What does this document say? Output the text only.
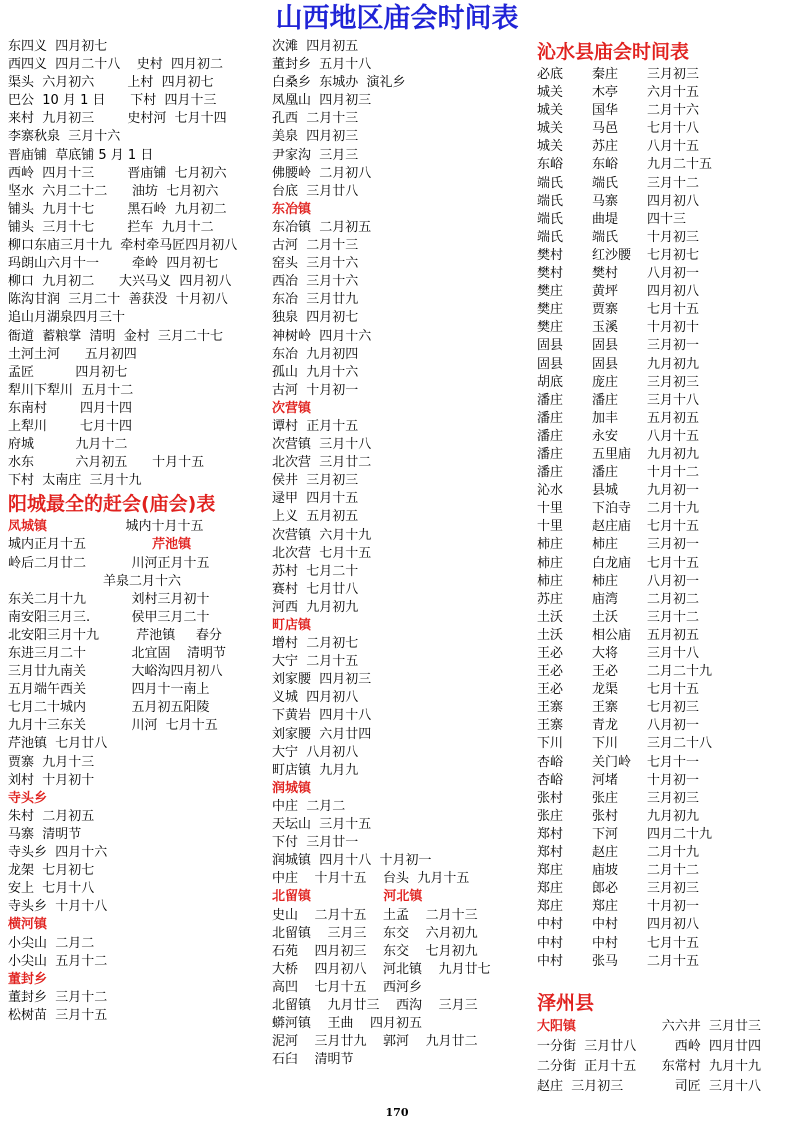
山西地区庙会时间表
东四义  四月初七
西四义  四月二十八    史村  四月初二
渠头  六月初六        上村  四月初七
巴公  10 月 1 日      下村  四月十三
来村  九月初三        史村河  七月十四
李寨秋泉  三月十六
晋庙铺  草底铺 5 月 1 日
西岭  四月十三        晋庙铺  七月初六
坚水  六月二十二      油坊  七月初六
铺头  九月十七        黑石岭  九月初二
铺头  三月十七        拦车  九月十二
柳口东庙三月十九  牵村牵马匠四月初八
玛朗山六月十一        牵岭  四月初七
柳口  九月初二      大兴马义  四月初八
陈沟甘润  三月二十  善获没  十月初八
追山月湖泉四月三十
衙道  蓄粮掌  清明  金村  三月二十七
土河土河      五月初四
孟匠          四月初七
犁川下犁川  五月十二
东南村        四月十四
上犁川        七月十四
府城          九月十二
水东          六月初五      十月十五
下村  太南庄  三月十九
阳城最全的赶会(庙会)表
凤城镇                   城内十月十五
城内正月十五                芹池镇
岭后二月廿二           川河正月十五
羊泉二月十六
东关二月十九           刘村三月初十
南安阳三月三.          侯甲三月二十
北安阳三月十九         芹池镇     春分
东进三月二十           北宜固    清明节
三月廿九南关           大峪沟四月初八
五月端午西关           四月十一南上
七月二十城内           五月初五阳陵
九月十三东关           川河  七月十五
芹池镇  七月廿八
贾寨  九月十三
刘村  十月初十
寺头乡
朱村  二月初五
马寨  清明节
寺头乡  四月十六
龙架  七月初七
安上  七月十八
寺头乡  十月十八
横河镇
小尖山  二月二
小尖山  五月十二
董封乡
董封乡  三月十二
松树苗  三月十五
次滩  四月初五
董封乡  五月十八
白桑乡  东城办  演礼乡
凤凰山  四月初三
孔西  二月十三
美泉  四月初三
尹家沟  三月三
佛腰岭  二月初八
台底  三月廿八
东冶镇
东冶镇  二月初五
古河  二月十三
窑头  三月十六
西冶  三月十六
东冶  三月廿九
独泉  四月初七
神树岭  四月十六
东冶  九月初四
孤山  九月十六
古河  十月初一
次营镇
谭村  正月十五
次营镇  三月十八
北次营  三月廿二
侯井  三月初三
逯甲  四月十五
上义  五月初五
次营镇  六月十九
北次营  七月十五
苏村  七月二十
赛村  七月廿八
河西  九月初九
町店镇
增村  二月初七
大宁  二月十五
刘家腰  四月初三
义城  四月初八
下黄岩  四月十八
刘家腰  六月廿四
大宁  八月初八
町店镇  九月九
润城镇
中庄  二月二
天坛山  三月十五
下付  三月廿一
润城镇  四月十八  十月初一
中庄    十月十五    台头  九月十五
北留镇                河北镇
史山    二月十五    土孟    二月十三
北留镇    三月三    东交    六月初九
石苑    四月初三    东交    七月初九
大桥    四月初八    河北镇    九月廿七
高凹    七月十五    西河乡
北留镇    九月廿三    西沟    三月三
蟒河镇    王曲    四月初五
泥河    三月廿九    郭河    九月廿二
石臼    清明节
沁水县庙会时间表
必底 秦庄 三月初三
城关 木亭 六月十五
城关 国华 二月十六
城关 马邑 七月十八
城关 苏庄 八月十五
东峪 东峪 九月二十五
端氏 端氏 三月十二
端氏 马寨 四月初八
端氏 曲堤 四十三
端氏 端氏 十月初三
樊村 红沙腰 七月初七
樊村 樊村 八月初一
樊庄 黄坪 四月初八
樊庄 贾寨 七月十五
樊庄 玉溪 十月初十
固县 固县 三月初一
固县 固县 九月初九
胡底 庞庄 三月初三
潘庄 潘庄 三月十八
潘庄 加丰 五月初五
潘庄 永安 八月十五
潘庄 五里庙 九月初九
潘庄 潘庄 十月十二
沁水 县城 九月初一
十里 下泊寺 二月十九
十里 赵庄庙 七月十五
柿庄 柿庄 三月初一
柿庄 白龙庙 七月十五
柿庄 柿庄 八月初一
苏庄 庙湾 二月初二
土沃 土沃 三月十二
土沃 相公庙 五月初五
王必 大将 三月十八
王必 王必 二月二十九
王必 龙渠 七月十五
王寨 王寨 七月初三
王寨 青龙 八月初一
下川 下川 三月二十八
杏峪 关门岭 七月十一
杏峪 河堵 十月初一
张村 张庄 三月初三
张庄 张村 九月初九
郑村 下河 四月二十九
郑村 赵庄 二月十九
郑庄 庙坡 二月十二
郑庄 郎必 三月初三
郑庄 郑庄 十月初一
中村 中村 四月初八
中村 中村 七月十五
中村 张马 二月十五
泽州县
大阳镇	六六井  三月廿三
一分街  三月廿八	西岭  四月廿四
二分街  正月十五 东常村  九月十九
赵庄  三月初三	司匠  三月十八
170
